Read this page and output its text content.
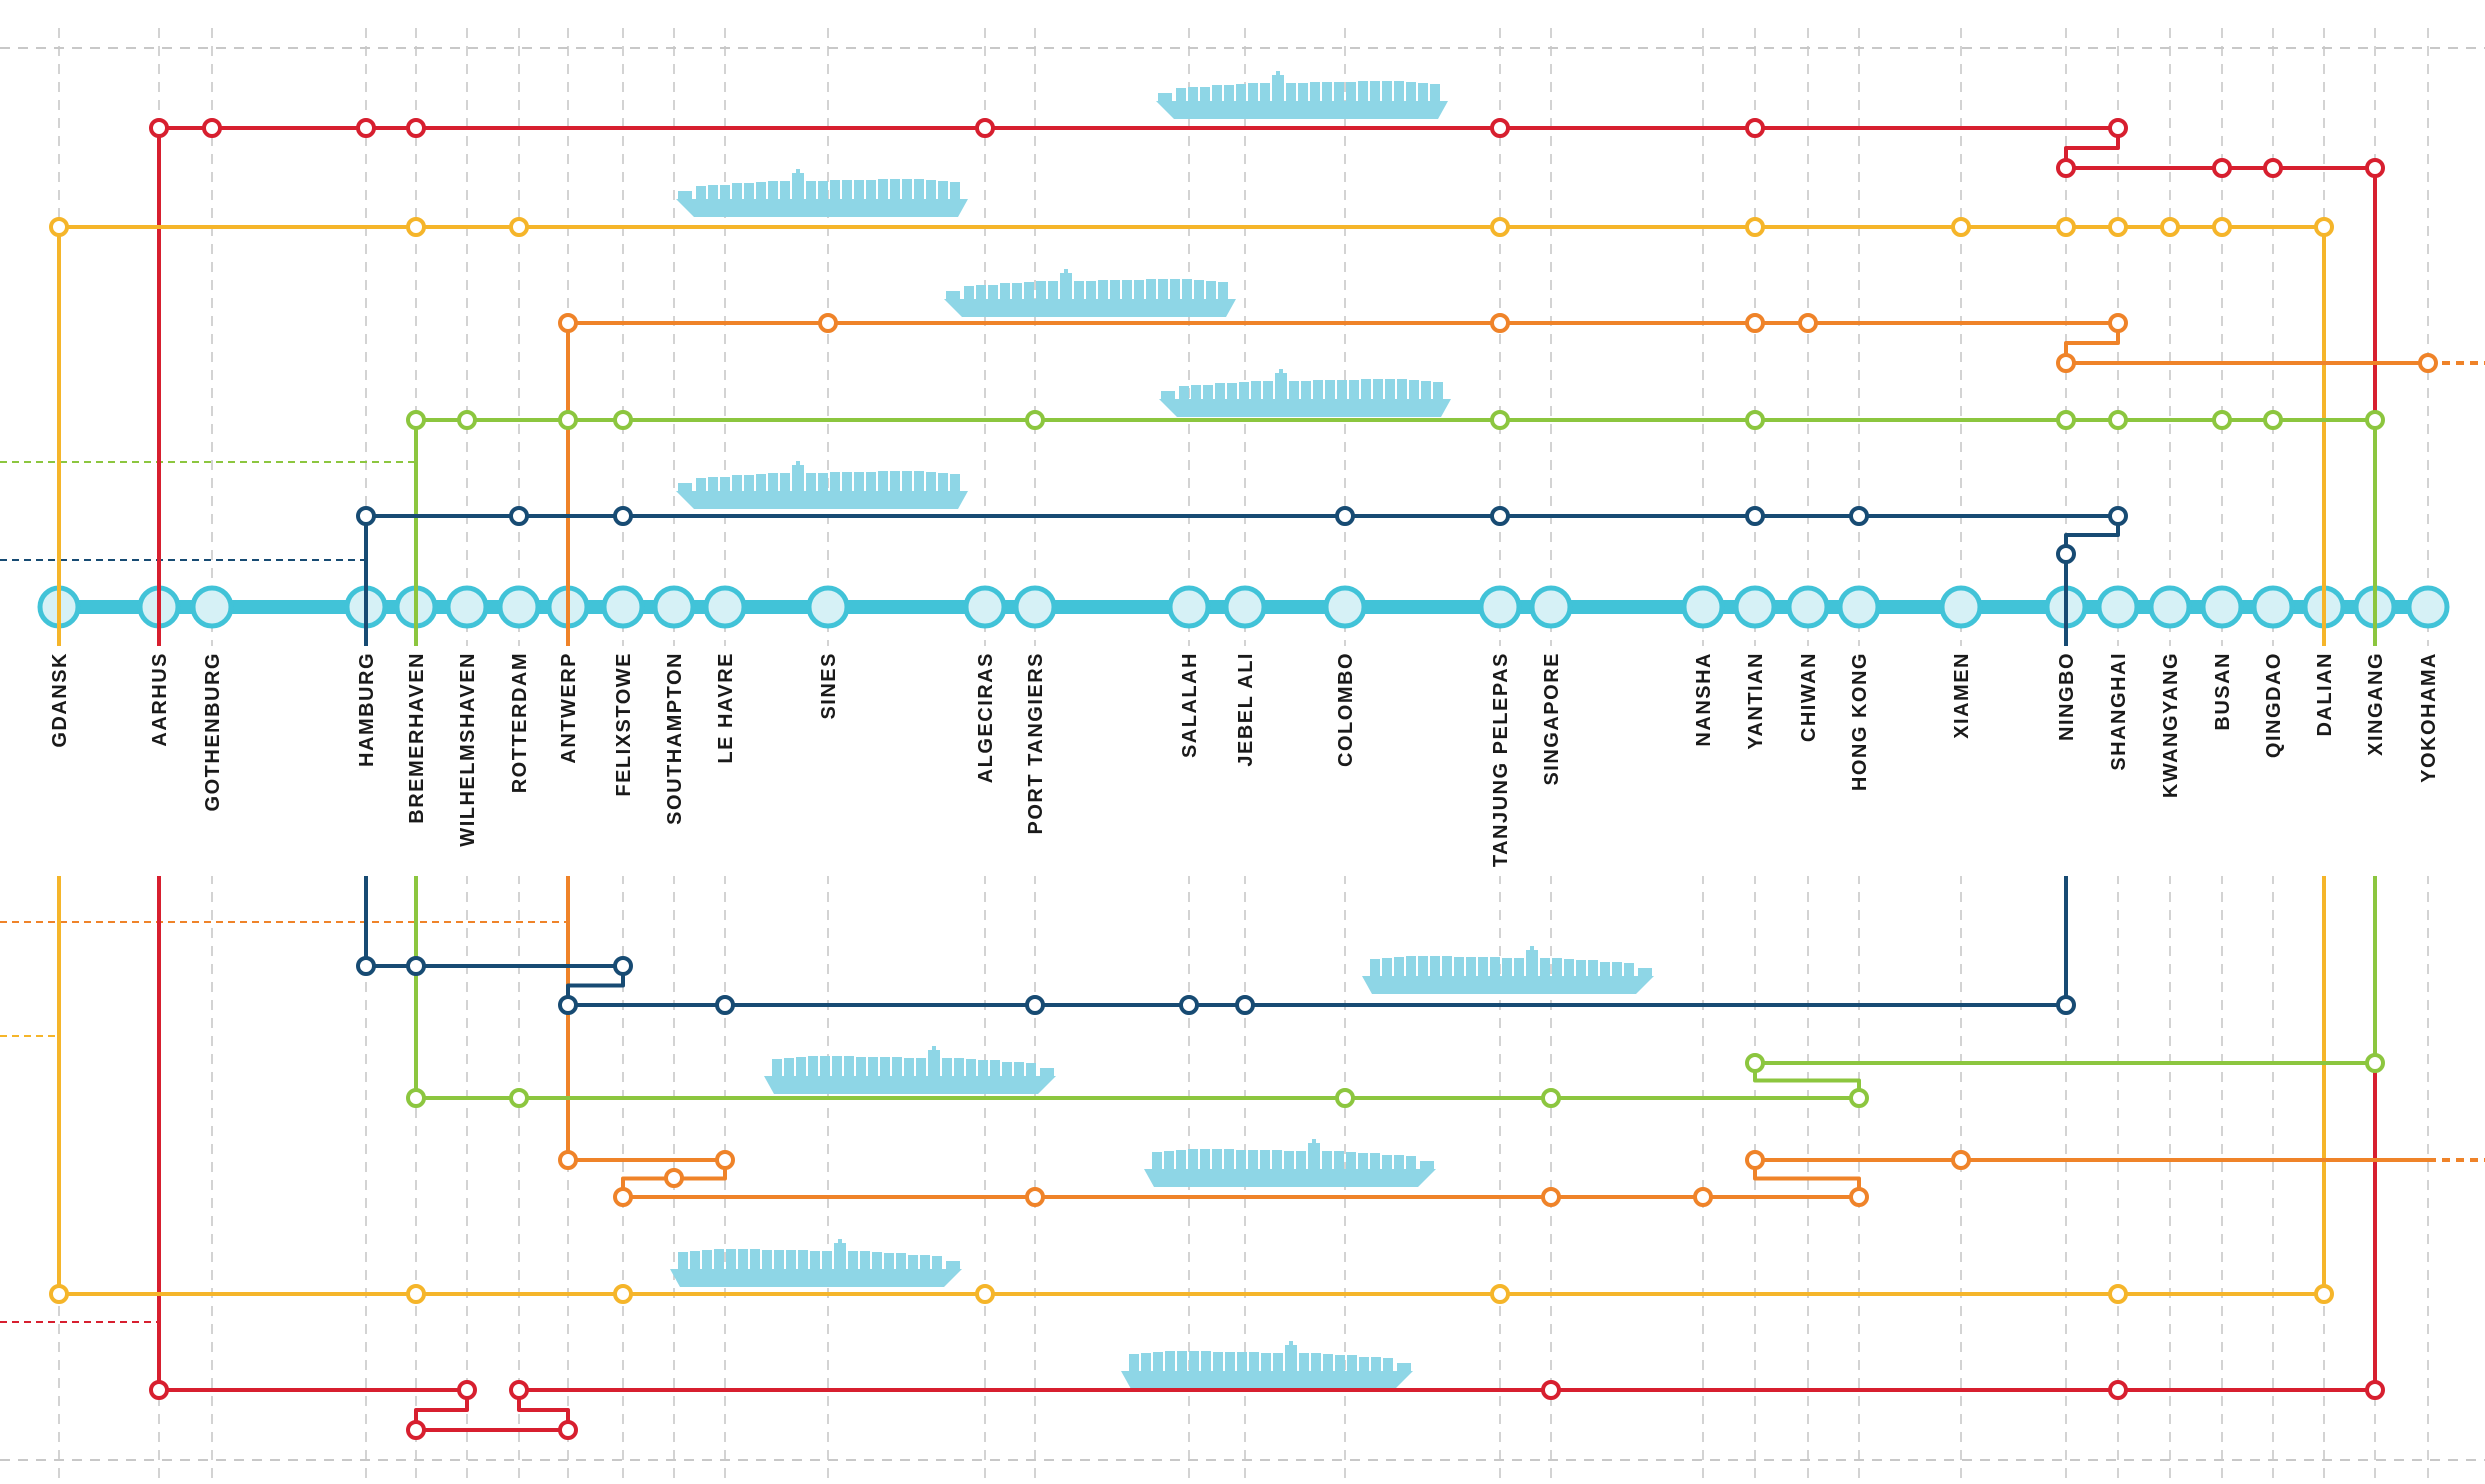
GDANSK	AARHUS GOTHENBURG	HAMBURG BREMERHAVEN WILHELMSHAVEN ROTTERDAM ANTWERP FELIXSTOWE SOUTHAMPTON LE HAVRE	SINES	ALGECIRAS PORT TANGIERS	SALALAH JEBEL ALI	COLOMBO	TANJUNG PELEPAS SINGAPORE	NANSHA YANTIAN CHIWAN HONG KONG	XIAMEN	NINGBO SHANGHAI KWANGYANG BUSAN QINGDAO DALIAN XINGANG YOKOHAMA
